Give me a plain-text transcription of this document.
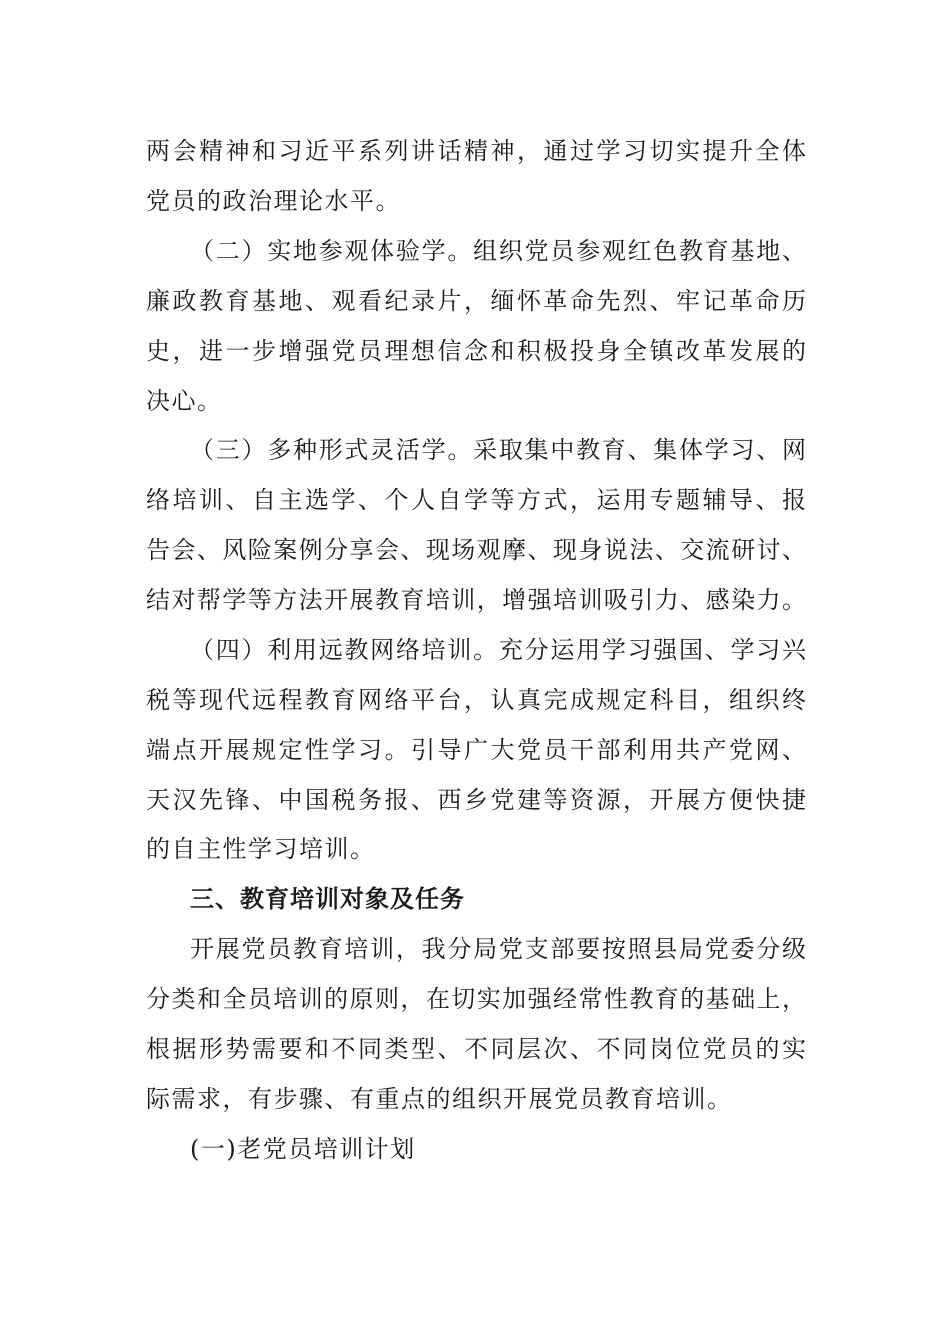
两会精神和习近平系列讲话精神，通过学习切实提升全体
党员的政治理论水平。
（二）实地参观体验学。组织党员参观红色教育基地、
廉政教育基地、观看纪录片，缅怀革命先烈、牢记革命历
史，进一步增强党员理想信念和积极投身全镇改革发展的
决心。
（三）多种形式灵活学。采取集中教育、集体学习、网
络培训、自主选学、个人自学等方式，运用专题辅导、报
告会、风险案例分享会、现场观摩、现身说法、交流研讨、
结对帮学等方法开展教育培训，增强培训吸引力、感染力。
（四）利用远教网络培训。充分运用学习强国、学习兴
税等现代远程教育网络平台，认真完成规定科目，组织终
端点开展规定性学习。引导广大党员干部利用共产党网、
天汉先锋、中国税务报、西乡党建等资源，开展方便快捷
的自主性学习培训。
三、教育培训对象及任务
开展党员教育培训，我分局党支部要按照县局党委分级
分类和全员培训的原则，在切实加强经常性教育的基础上，
根据形势需要和不同类型、不同层次、不同岗位党员的实
际需求，有步骤、有重点的组织开展党员教育培训。
(一)老党员培训计划
